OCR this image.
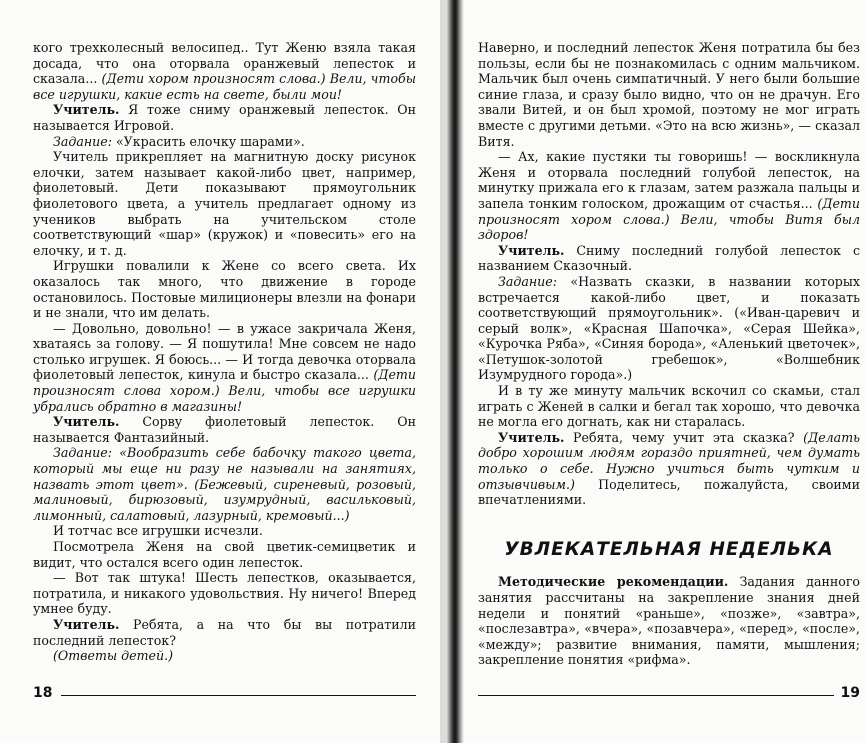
кого трехколесный велосипед.. Тут Женю взяла такая досада, что она оторвала оранжевый лепесток и сказала... (Дети хором произносят слова.) Вели, чтобы все игрушки, какие есть на свете, были мои!

Учитель. Я тоже сниму оранжевый лепесток. Он называется Игровой.

Задание: «Украсить елочку шарами».

Учитель прикрепляет на магнитную доску рисунок елочки, затем называет какой-либо цвет, например, фиолетовый. Дети показывают прямоугольник фиолетового цвета, а учитель предлагает одному из учеников выбрать на учительском столе соответствующий «шар» (кружок) и «повесить» его на елочку, и т. д.

Игрушки повалили к Жене со всего света. Их оказалось так много, что движение в городе остановилось. Постовые милиционеры влезли на фонари и не знали, что им делать.

— Довольно, довольно! — в ужасе закричала Женя, хватаясь за голову. — Я пошутила! Мне совсем не надо столько игрушек. Я боюсь... — И тогда девочка оторвала фиолетовый лепесток, кинула и быстро сказала... (Дети произносят слова хором.) Вели, чтобы все игрушки убрались обратно в магазины!

Учитель. Сорву фиолетовый лепесток. Он называется Фантазийный.

Задание: «Вообразить себе бабочку такого цвета, который мы еще ни разу не называли на занятиях, назвать этот цвет». (Бежевый, сиреневый, розовый, малиновый, бирюзовый, изумрудный, васильковый, лимонный, салатовый, лазурный, кремовый...)

И тотчас все игрушки исчезли.

Посмотрела Женя на свой цветик-семицветик и видит, что остался всего один лепесток.

— Вот так штука! Шесть лепестков, оказывается, потратила, и никакого удовольствия. Ну ничего! Вперед умнее буду.

Учитель. Ребята, а на что бы вы потратили последний лепесток?

(Ответы детей.)

18

Наверно, и последний лепесток Женя потратила бы без пользы, если бы не познакомилась с одним мальчиком. Мальчик был очень симпатичный. У него были большие синие глаза, и сразу было видно, что он не драчун. Его звали Витей, и он был хромой, поэтому не мог играть вместе с другими детьми. «Это на всю жизнь», — сказал Витя.

— Ах, какие пустяки ты говоришь! — воскликнула Женя и оторвала последний голубой лепесток, на минутку прижала его к глазам, затем разжала пальцы и запела тонким голоском, дрожащим от счастья... (Дети произносят хором слова.) Вели, чтобы Витя был здоров!

Учитель. Сниму последний голубой лепесток с названием Сказочный.

Задание: «Назвать сказки, в названии которых встречается какой-либо цвет, и показать соответствующий прямоугольник». («Иван-царевич и серый волк», «Красная Шапочка», «Серая Шейка», «Курочка Ряба», «Синяя борода», «Аленький цветочек», «Петушок-золотой гребешок», «Волшебник Изумрудного города».)

И в ту же минуту мальчик вскочил со скамьи, стал играть с Женей в салки и бегал так хорошо, что девочка не могла его догнать, как ни старалась.

Учитель. Ребята, чему учит эта сказка? (Делать добро хорошим людям гораздо приятней, чем думать только о себе. Нужно учиться быть чутким и отзывчивым.) Поделитесь, пожалуйста, своими впечатлениями.

УВЛЕКАТЕЛЬНАЯ НЕДЕЛЬКА

Методические рекомендации. Задания данного занятия рассчитаны на закрепление знания дней недели и понятий «раньше», «позже», «завтра», «послезавтра», «вчера», «позавчера», «перед», «после», «между»; развитие внимания, памяти, мышления; закрепление понятия «рифма».

19
